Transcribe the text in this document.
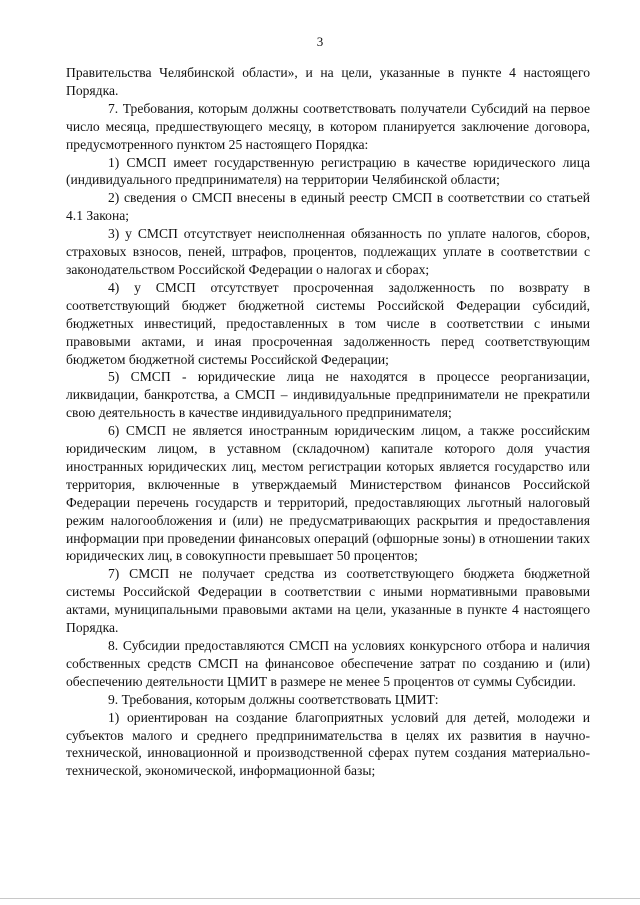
3

Правительства Челябинской области», и на цели, указанные в пункте 4 настоящего Порядка.

7. Требования, которым должны соответствовать получатели Субсидий на первое число месяца, предшествующего месяцу, в котором планируется заключение договора, предусмотренного пунктом 25 настоящего Порядка:

1) СМСП имеет государственную регистрацию в качестве юридического лица (индивидуального предпринимателя) на территории Челябинской области;

2) сведения о СМСП внесены в единый реестр СМСП в соответствии со статьей 4.1 Закона;

3) у СМСП отсутствует неисполненная обязанность по уплате налогов, сборов, страховых взносов, пеней, штрафов, процентов, подлежащих уплате в соответствии с законодательством Российской Федерации о налогах и сборах;

4) у СМСП отсутствует просроченная задолженность по возврату в соответствующий бюджет бюджетной системы Российской Федерации субсидий, бюджетных инвестиций, предоставленных в том числе в соответствии с иными правовыми актами, и иная просроченная задолженность перед соответствующим бюджетом бюджетной системы Российской Федерации;

5) СМСП - юридические лица не находятся в процессе реорганизации, ликвидации, банкротства, а СМСП – индивидуальные предприниматели не прекратили свою деятельность в качестве индивидуального предпринимателя;

6) СМСП не является иностранным юридическим лицом, а также российским юридическим лицом, в уставном (складочном) капитале которого доля участия иностранных юридических лиц, местом регистрации которых является государство или территория, включенные в утверждаемый Министерством финансов Российской Федерации перечень государств и территорий, предоставляющих льготный налоговый режим налогообложения и (или) не предусматривающих раскрытия и предоставления информации при проведении финансовых операций (офшорные зоны) в отношении таких юридических лиц, в совокупности превышает 50 процентов;

7) СМСП не получает средства из соответствующего бюджета бюджетной системы Российской Федерации в соответствии с иными нормативными правовыми актами, муниципальными правовыми актами на цели, указанные в пункте 4 настоящего Порядка.

8. Субсидии предоставляются СМСП на условиях конкурсного отбора и наличия собственных средств СМСП на финансовое обеспечение затрат по созданию и (или) обеспечению деятельности ЦМИТ в размере не менее 5 процентов от суммы Субсидии.

9. Требования, которым должны соответствовать ЦМИТ:

1) ориентирован на создание благоприятных условий для детей, молодежи и субъектов малого и среднего предпринимательства в целях их развития в научно-технической, инновационной и производственной сферах путем создания материально-технической, экономической, информационной базы;
